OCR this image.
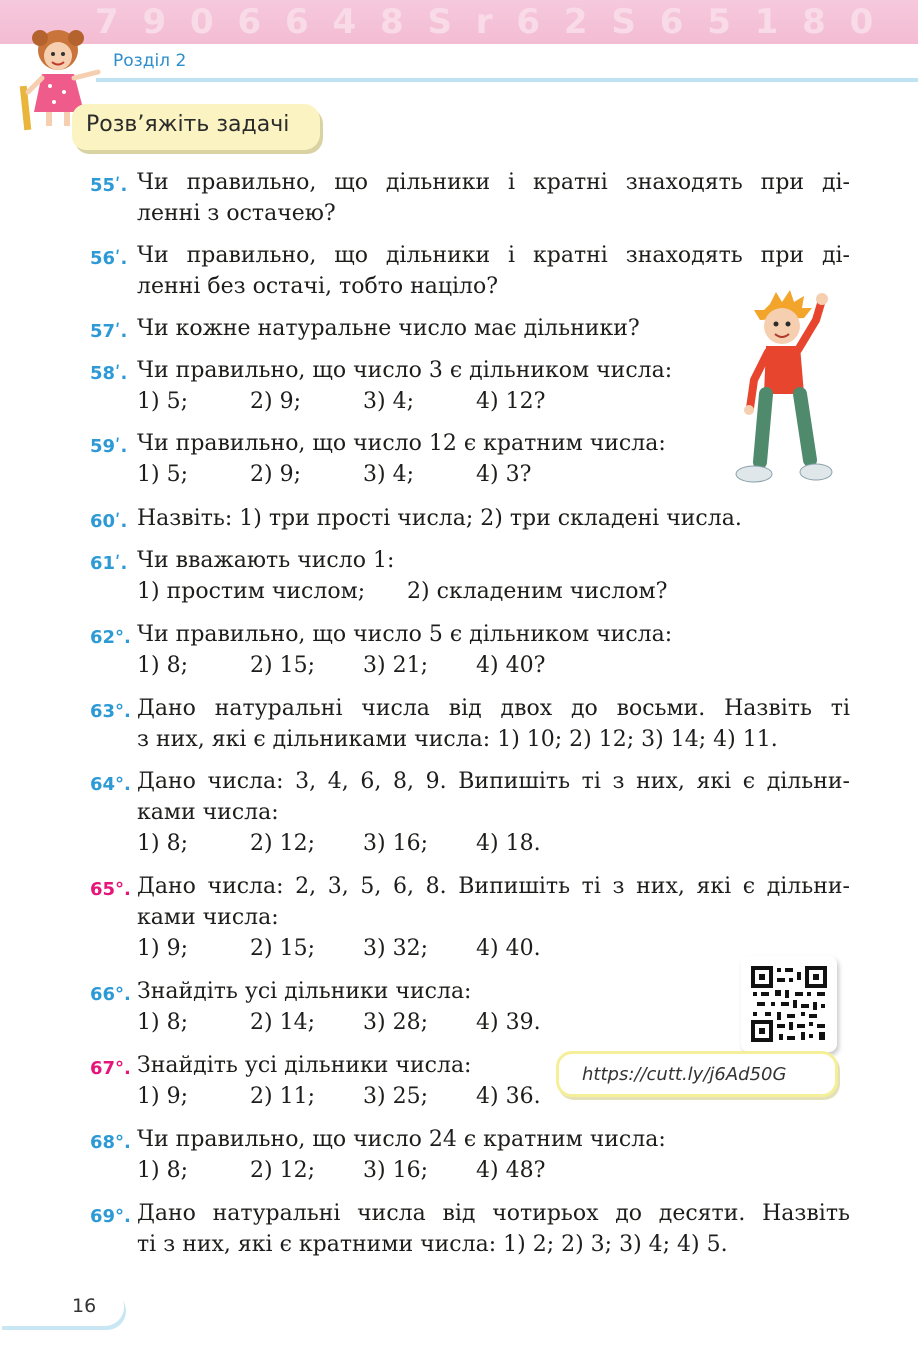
7 9 0 6 6 4 8 S r 6 2 S 6 5 1 8 0
Розділ 2
Розв’яжіть задачі
55ʹ. Чи правильно, що дільники і кратні знаходять при ді-
ленні з остачею?
56ʹ. Чи правильно, що дільники і кратні знаходять при ді-
ленні без остачі, тобто націло?
57ʹ. Чи кожне натуральне число має дільники?
58ʹ. Чи правильно, що число 3 є дільником числа:
1) 5;	2) 9;	3) 4;	4) 12?
59ʹ. Чи правильно, що число 12 є кратним числа:
1) 5;	2) 9;	3) 4;	4) 3?
60ʹ. Назвіть: 1) три прості числа; 2) три складені числа.
61ʹ. Чи вважають число 1:
1) простим числом;      2) складеним числом?
62°. Чи правильно, що число 5 є дільником числа:
1) 8;	2) 15; 3) 21; 4) 40?
63°. Дано натуральні числа від двох до восьми. Назвіть ті
з них, які є дільниками числа: 1) 10; 2) 12; 3) 14; 4) 11.
64°. Дано числа: 3, 4, 6, 8, 9. Випишіть ті з них, які є дільни-
ками числа:
1) 8;	2) 12; 3) 16; 4) 18.
65°. Дано числа: 2, 3, 5, 6, 8. Випишіть ті з них, які є дільни-
ками числа:
1) 9;	2) 15; 3) 32; 4) 40.
66°. Знайдіть усі дільники числа:
1) 8;	2) 14; 3) 28; 4) 39.
67°. Знайдіть усі дільники числа:
1) 9;	2) 11; 3) 25; 4) 36.
68°. Чи правильно, що число 24 є кратним числа:
1) 8;	2) 12; 3) 16; 4) 48?
69°. Дано натуральні числа від чотирьох до десяти. Назвіть
ті з них, які є кратними числа: 1) 2; 2) 3; 3) 4; 4) 5.
https://cutt.ly/j6Ad50G
16
